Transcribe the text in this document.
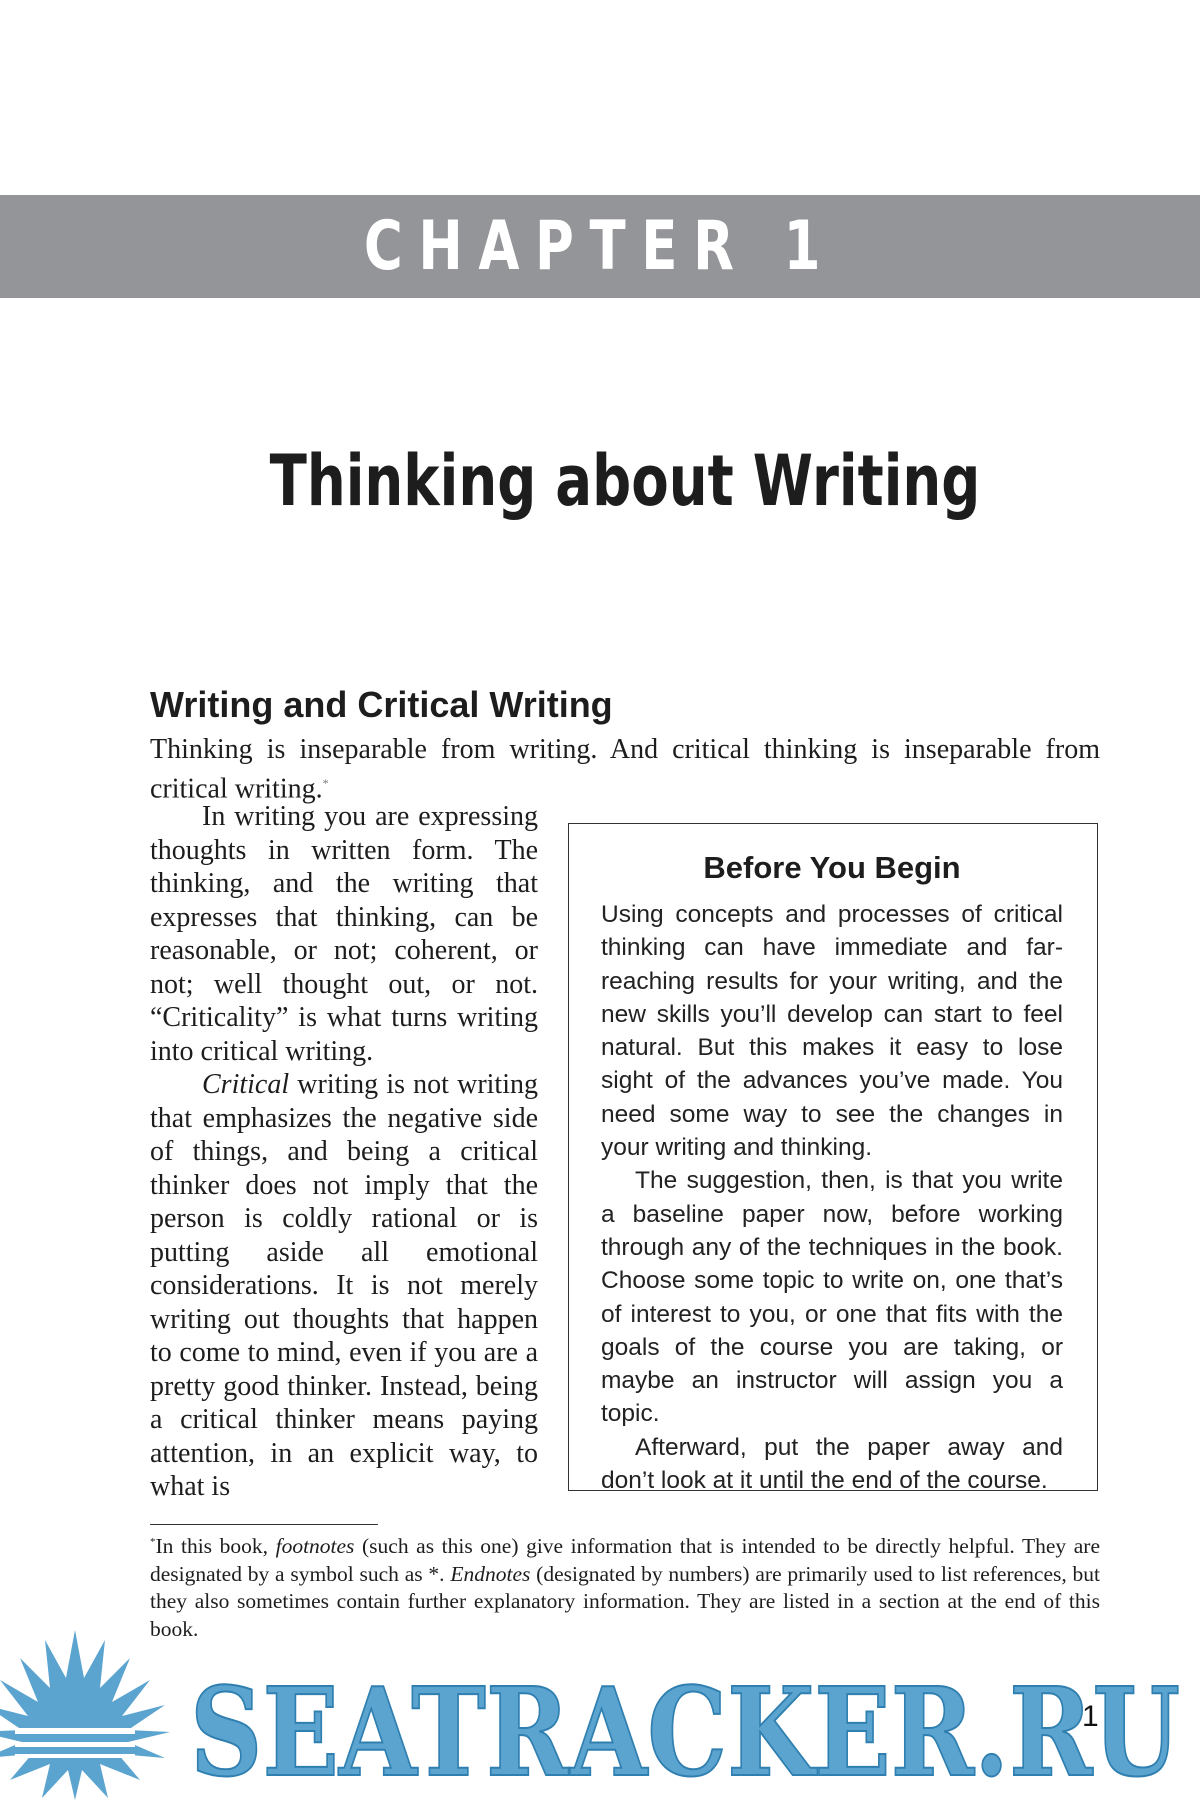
CHAPTER 1
Thinking about Writing
Writing and Critical Writing

Thinking is inseparable from writing. And critical thinking is inseparable from critical writing.*

In writing you are expressing thoughts in written form. The thinking, and the writing that expresses that thinking, can be reasonable, or not; coherent, or not; well thought out, or not. “Criticality” is what turns writing into critical writing.

Critical writing is not writing that emphasizes the negative side of things, and being a critical thinker does not imply that the person is coldly rational or is putting aside all emotional considerations. It is not merely writing out thoughts that happen to come to mind, even if you are a pretty good thinker. Instead, being a critical thinker means paying attention, in an explicit way, to what is

Before You Begin

Using concepts and processes of critical thinking can have immediate and far-reaching results for your writing, and the new skills you’ll develop can start to feel natural. But this makes it easy to lose sight of the advances you’ve made. You need some way to see the changes in your writing and thinking.

The suggestion, then, is that you write a baseline paper now, before working through any of the techniques in the book. Choose some topic to write on, one that’s of interest to you, or one that fits with the goals of the course you are taking, or maybe an instructor will assign you a topic.

Afterward, put the paper away and don’t look at it until the end of the course.

*In this book, footnotes (such as this one) give information that is intended to be directly helpful. They are designated by a symbol such as *. Endnotes (designated by numbers) are primarily used to list references, but they also sometimes contain further explanatory information. They are listed in a section at the end of this book.

SEATRACKER.RU
1
